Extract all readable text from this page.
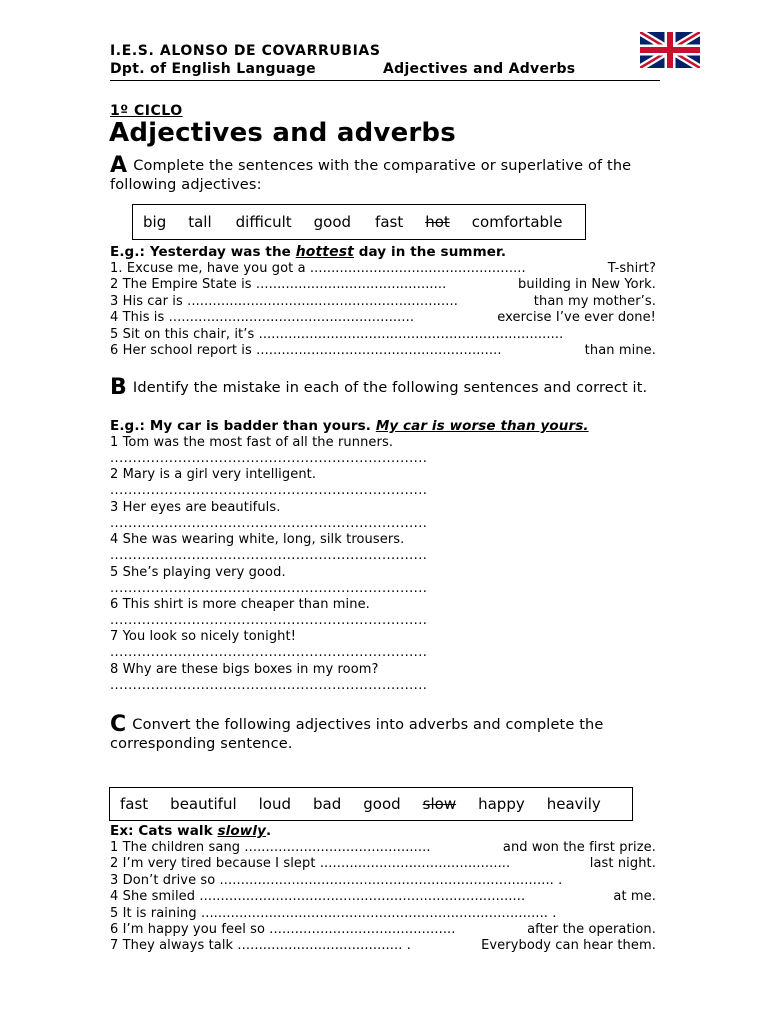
I.E.S. ALONSO DE COVARRUBIAS
Dpt. of English Language	Adjectives and Adverbs
1º CICLO
Adjectives and adverbs
A Complete the sentences with the comparative or superlative of the following adjectives:
big tall difficult good fast hot comfortable
E.g.: Yesterday was the hottest day in the summer.
1. Excuse me, have you got a ...................................................	T-shirt?
2 The Empire State is .............................................	building in New York.
3 His car is ................................................................	than my mother’s.
4 This is ..........................................................	exercise I’ve ever done!
5 Sit on this chair, it’s ........................................................................
6 Her school report is ..........................................................	than mine.
B Identify the mistake in each of the following sentences and correct it.
E.g.: My car is badder than yours. My car is worse than yours.
1 Tom was the most fast of all the runners.
......................................................................
2 Mary is a girl very intelligent.
......................................................................
3 Her eyes are beautifuls.
......................................................................
4 She was wearing white, long, silk trousers.
......................................................................
5 She’s playing very good.
......................................................................
6 This shirt is more cheaper than mine.
......................................................................
7 You look so nicely tonight!
......................................................................
8 Why are these bigs boxes in my room?
......................................................................
C Convert the following adjectives into adverbs and complete the corresponding sentence.
fast beautiful loud bad good slow happy heavily
Ex: Cats walk slowly.
1 The children sang ............................................	and won the first prize.
2 I’m very tired because I slept .............................................	last night.
3 Don’t drive so ............................................................................... .
4 She smiled .............................................................................	at me.
5 It is raining .................................................................................. .
6 I’m happy you feel so ............................................	after the operation.
7 They always talk ....................................... .	Everybody can hear them.
